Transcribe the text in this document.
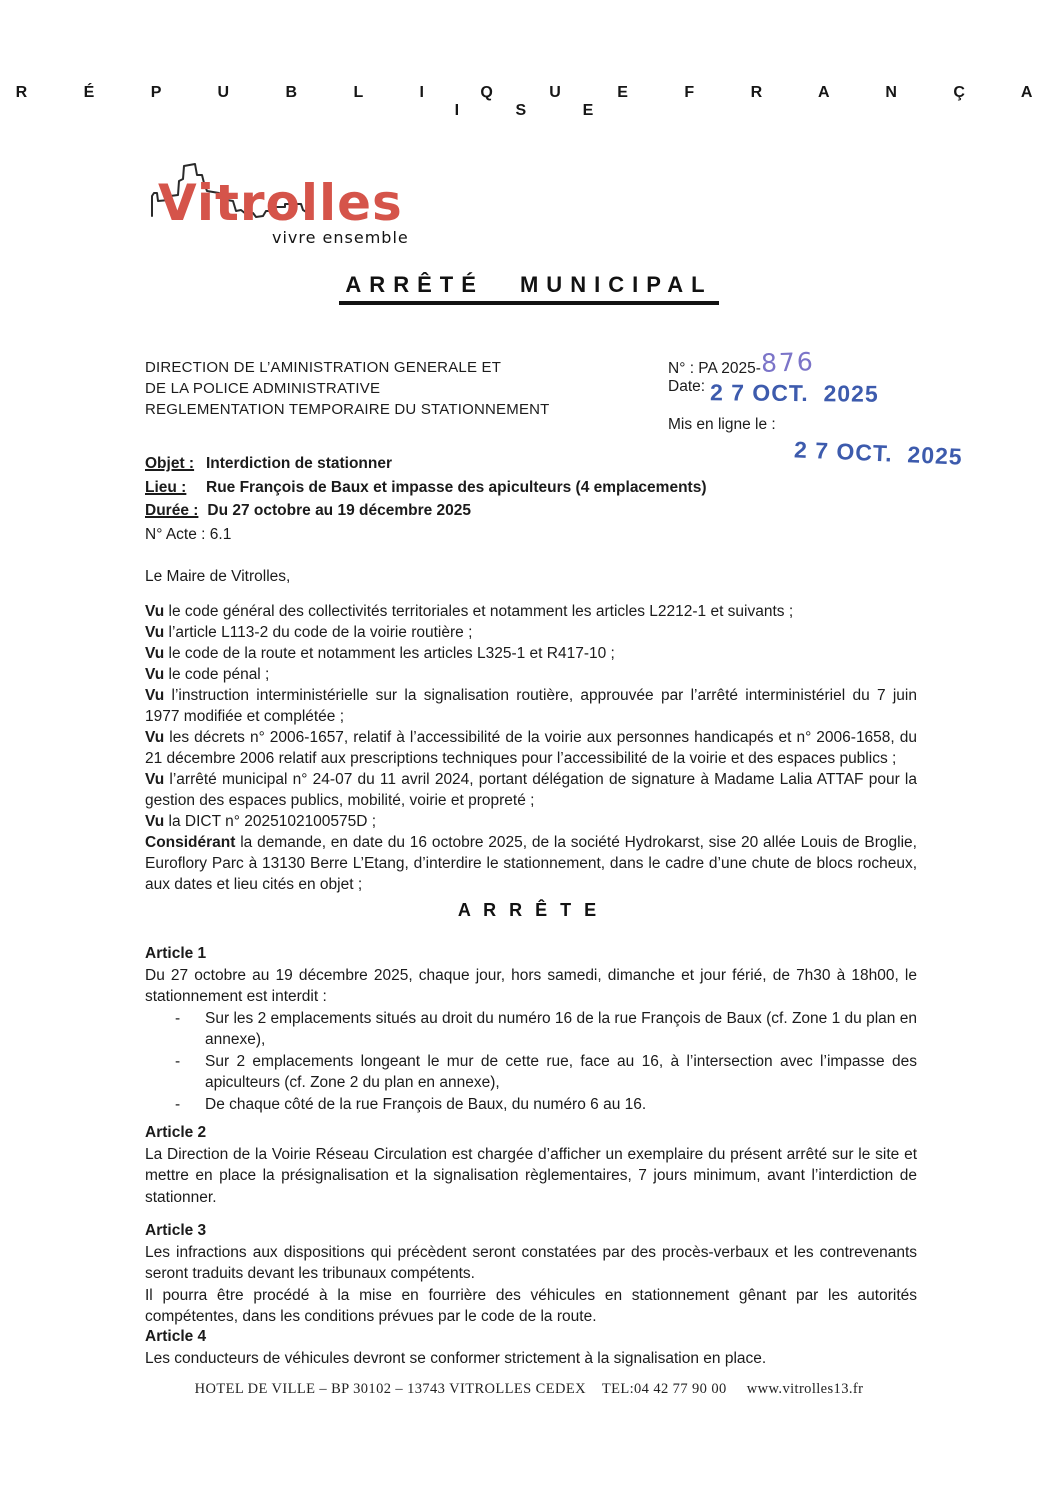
R É P U B L I Q U E F R A N Ç A I S E
Vitrolles
vivre ensemble
ARRÊTÉ MUNICIPAL
DIRECTION DE L’AMINISTRATION GENERALE ET
DE LA POLICE ADMINISTRATIVE
REGLEMENTATION TEMPORAIRE DU STATIONNEMENT
N° : PA 2025-876
Date: 2 7 OCT.  2025
Mis en ligne le :
2 7 OCT.  2025
Objet : Interdiction de stationner
Lieu :	Rue François de Baux et impasse des apiculteurs (4 emplacements)
Durée : Du 27 octobre au 19 décembre 2025
N° Acte : 6.1
Le Maire de Vitrolles,
Vu le code général des collectivités territoriales et notamment les articles L2212-1 et suivants ;
Vu l’article L113-2 du code de la voirie routière ;
Vu le code de la route et notamment les articles L325-1 et R417-10 ;
Vu le code pénal ;
Vu l’instruction interministérielle sur la signalisation routière, approuvée par l’arrêté interministériel du 7 juin 1977 modifiée et complétée ;
Vu les décrets n° 2006-1657, relatif à l’accessibilité de la voirie aux personnes handicapés et n° 2006-1658, du 21 décembre 2006 relatif aux prescriptions techniques pour l’accessibilité de la voirie et des espaces publics ;
Vu l’arrêté municipal n° 24-07 du 11 avril 2024, portant délégation de signature à Madame Lalia ATTAF pour la gestion des espaces publics, mobilité, voirie et propreté ;
Vu la DICT n° 2025102100575D ;
Considérant la demande, en date du 16 octobre 2025, de la société Hydrokarst, sise 20 allée Louis de Broglie, Euroflory Parc à 13130 Berre L’Etang, d’interdire le stationnement, dans le cadre d’une chute de blocs rocheux, aux dates et lieu cités en objet ;
A R R Ê T E
Article 1
Du 27 octobre au 19 décembre 2025, chaque jour, hors samedi, dimanche et jour férié, de 7h30 à 18h00, le stationnement est interdit :
-	Sur les 2 emplacements situés au droit du numéro 16 de la rue François de Baux (cf. Zone 1 du plan en annexe),
-	Sur 2 emplacements longeant le mur de cette rue, face au 16, à l’intersection avec l’impasse des apiculteurs (cf. Zone 2 du plan en annexe),
-	De chaque côté de la rue François de Baux, du numéro 6 au 16.
Article 2
La Direction de la Voirie Réseau Circulation est chargée d’afficher un exemplaire du présent arrêté sur le site et mettre en place la présignalisation et la signalisation règlementaires, 7 jours minimum, avant l’interdiction de stationner.
Article 3
Les infractions aux dispositions qui précèdent seront constatées par des procès-verbaux et les contrevenants seront traduits devant les tribunaux compétents.
Il pourra être procédé à la mise en fourrière des véhicules en stationnement gênant par les autorités compétentes, dans les conditions prévues par le code de la route.
Article 4
Les conducteurs de véhicules devront se conformer strictement à la signalisation en place.
HOTEL DE VILLE – BP 30102 – 13743 VITROLLES CEDEX    TEL:04 42 77 90 00     www.vitrolles13.fr
